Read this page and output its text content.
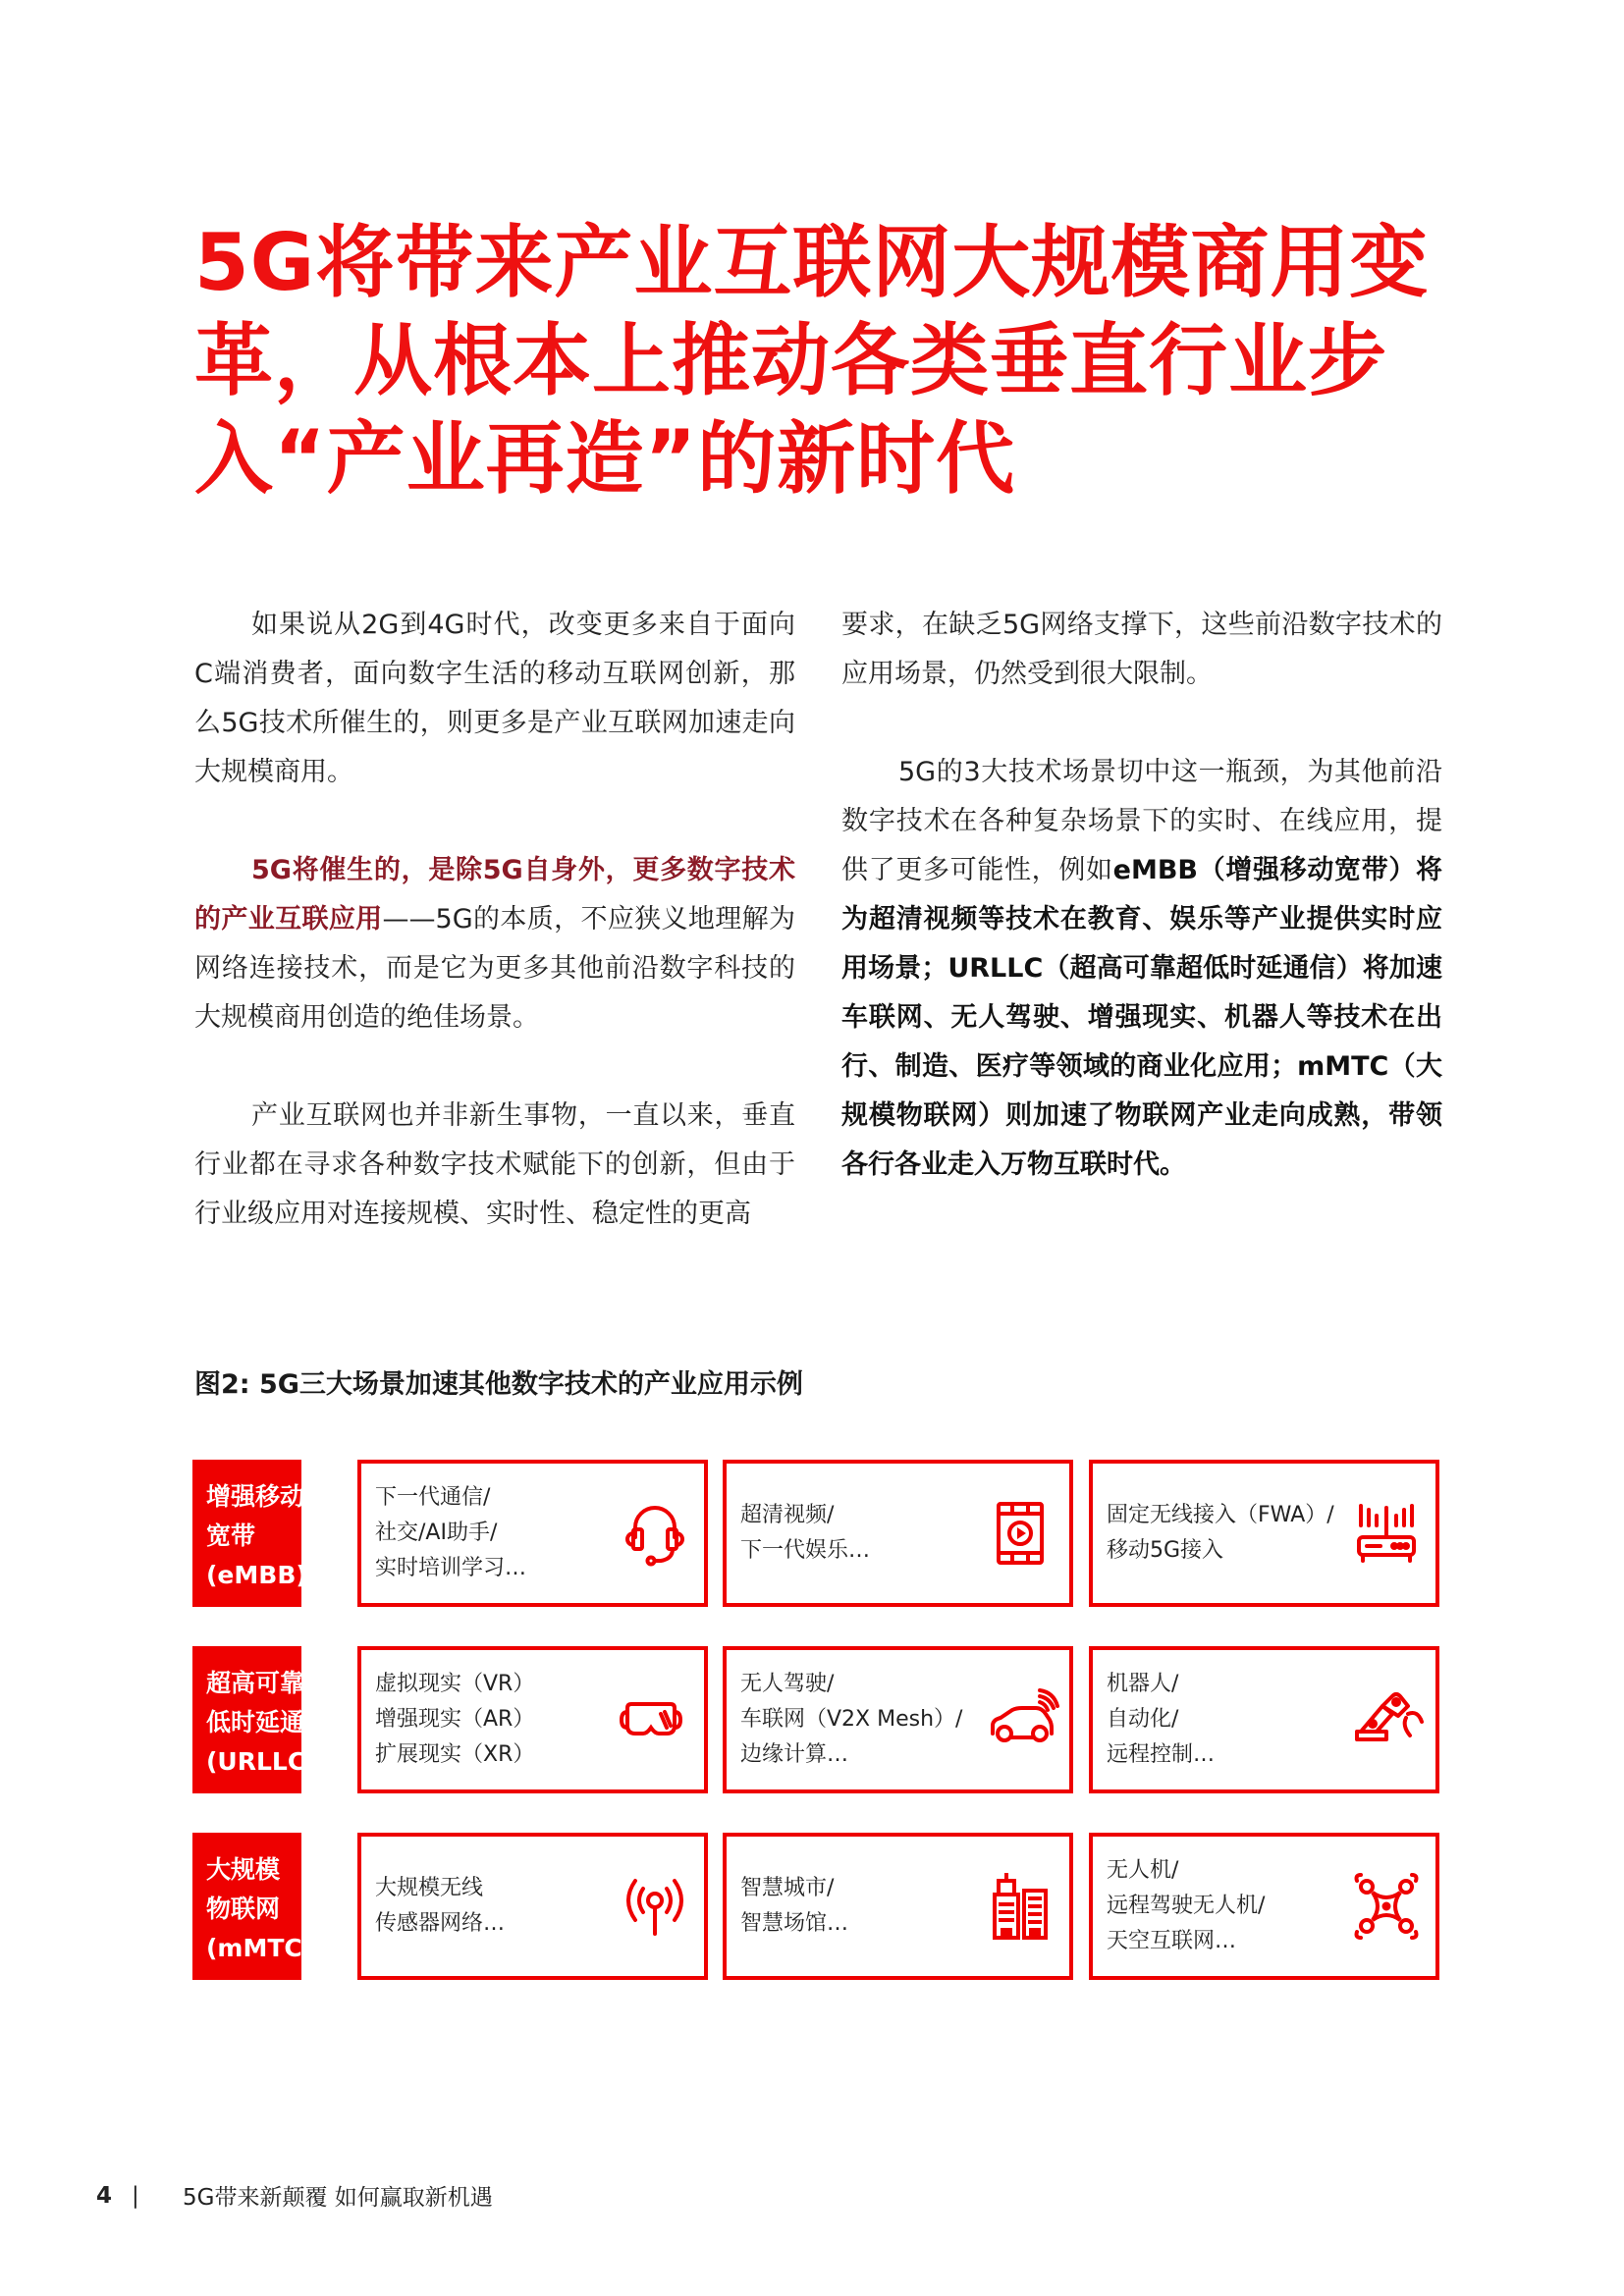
5G将带来产业互联网大规模商用变
革，从根本上推动各类垂直行业步
入“产业再造”的新时代

如果说从2G到4G时代，改变更多来自于面向C端消费者，面向数字生活的移动互联网创新，那么5G技术所催生的，则更多是产业互联网加速走向大规模商用。

5G将催生的，是除5G自身外，更多数字技术的产业互联应用——5G的本质，不应狭义地理解为网络连接技术，而是它为更多其他前沿数字科技的大规模商用创造的绝佳场景。

产业互联网也并非新生事物，一直以来，垂直行业都在寻求各种数字技术赋能下的创新，但由于行业级应用对连接规模、实时性、稳定性的更高

要求，在缺乏5G网络支撑下，这些前沿数字技术的应用场景，仍然受到很大限制。

5G的3大技术场景切中这一瓶颈，为其他前沿数字技术在各种复杂场景下的实时、在线应用，提供了更多可能性，例如eMBB（增强移动宽带）将为超清视频等技术在教育、娱乐等产业提供实时应用场景；URLLC（超高可靠超低时延通信）将加速车联网、无人驾驶、增强现实、机器人等技术在出行、制造、医疗等领域的商业化应用；mMTC（大规模物联网）则加速了物联网产业走向成熟，带领各行各业走入万物互联时代。

图2: 5G三大场景加速其他数字技术的产业应用示例
增强移动
宽带
(eMBB)
下一代通信/
社交/AI助手/
实时培训学习…
超清视频/
下一代娱乐…
固定无线接入（FWA）/
移动5G接入
超高可靠超
低时延通信
(URLLC)
虚拟现实（VR）
增强现实（AR）
扩展现实（XR）
无人驾驶/
车联网（V2X Mesh）/
边缘计算…
机器人/
自动化/
远程控制…
大规模
物联网
(mMTC)
大规模无线
传感器网络…
智慧城市/
智慧场馆…
无人机/
远程驾驶无人机/
天空互联网…
4 |	5G带来新颠覆 如何赢取新机遇
